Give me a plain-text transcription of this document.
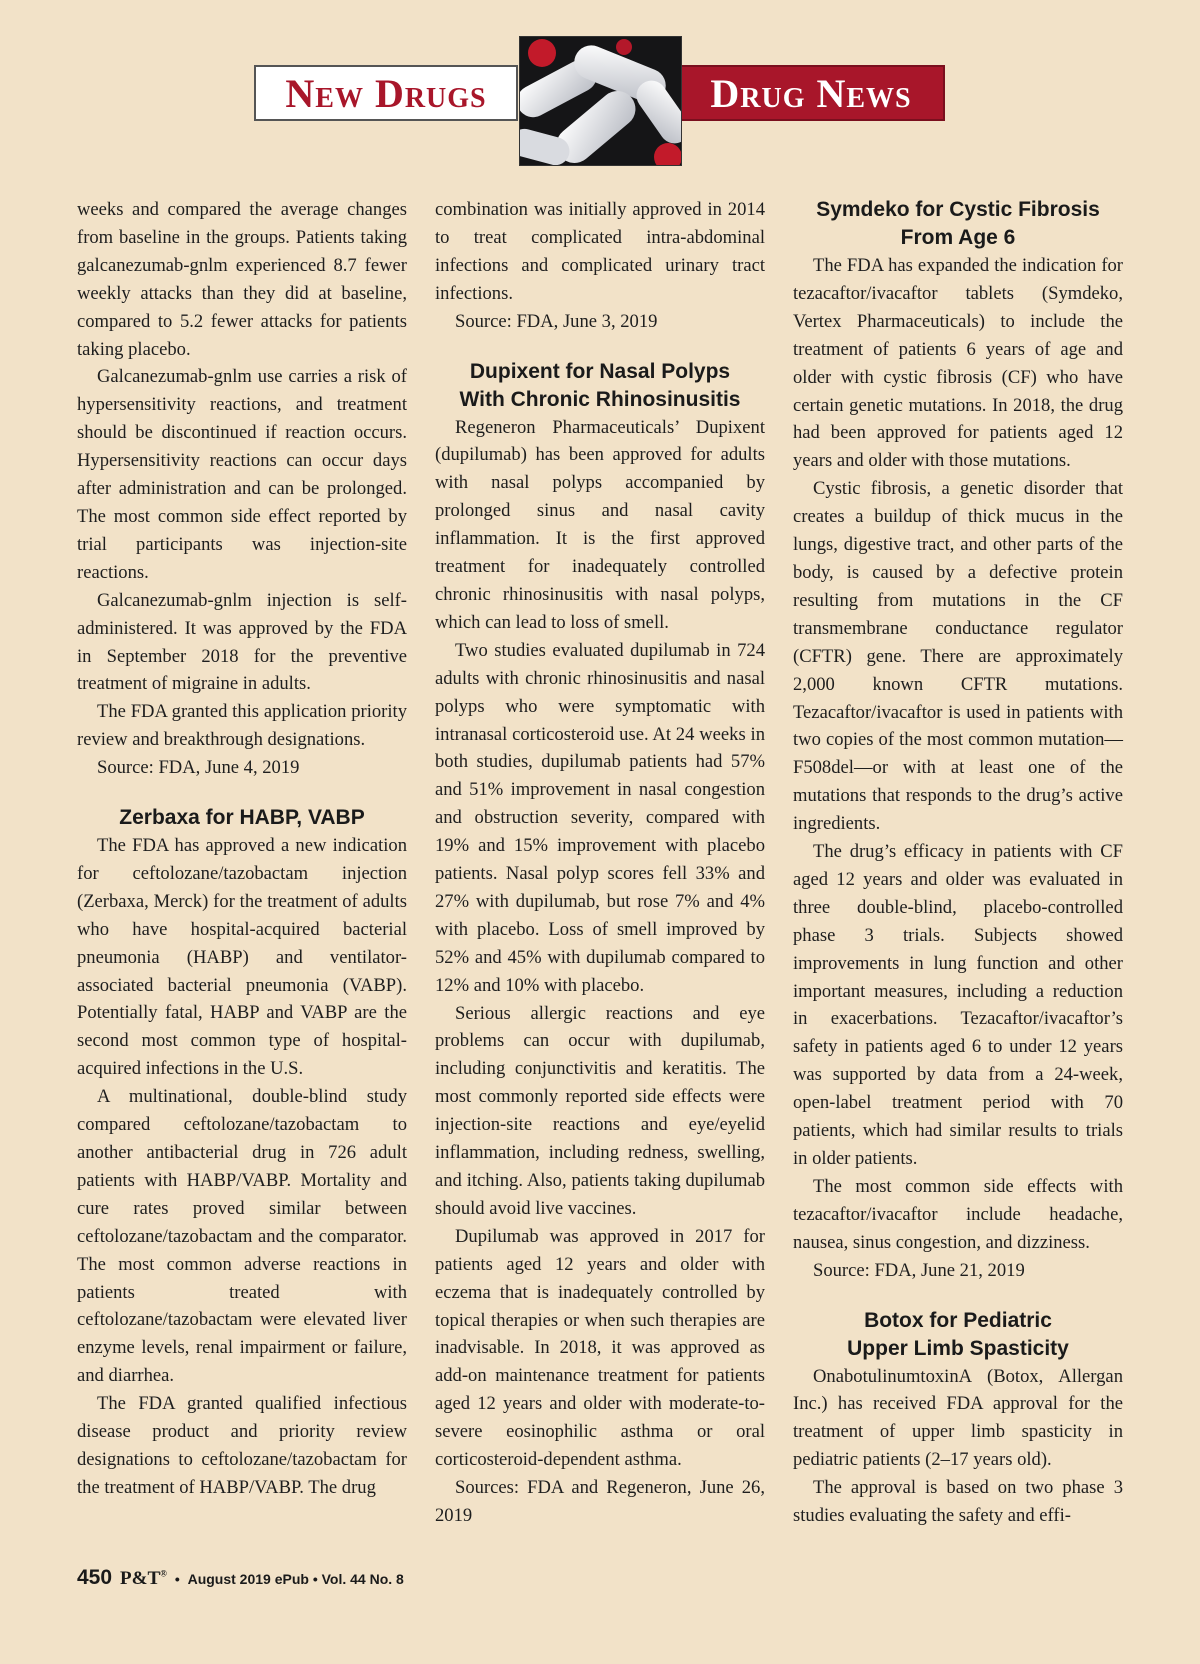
New Drugs	Drug News

weeks and compared the average changes from baseline in the groups. Patients taking galcanezumab-gnlm experienced 8.7 fewer weekly attacks than they did at baseline, compared to 5.2 fewer attacks for patients taking placebo.

Galcanezumab-gnlm use carries a risk of hypersensitivity reactions, and treatment should be discontinued if reaction occurs. Hypersensitivity reactions can occur days after administration and can be prolonged. The most common side effect reported by trial participants was injection-site reactions.

Galcanezumab-gnlm injection is self-administered. It was approved by the FDA in September 2018 for the preventive treatment of migraine in adults.

The FDA granted this application priority review and breakthrough designations.

Source: FDA, June 4, 2019

Zerbaxa for HABP, VABP

The FDA has approved a new indication for ceftolozane/tazobactam injection (Zerbaxa, Merck) for the treatment of adults who have hospital-acquired bacterial pneumonia (HABP) and ventilator-associated bacterial pneumonia (VABP). Potentially fatal, HABP and VABP are the second most common type of hospital-acquired infections in the U.S.

A multinational, double-blind study compared ceftolozane/tazobactam to another antibacterial drug in 726 adult patients with HABP/VABP. Mortality and cure rates proved similar between ceftolozane/tazobactam and the comparator. The most common adverse reactions in patients treated with ceftolozane/tazobactam were elevated liver enzyme levels, renal impairment or failure, and diarrhea.

The FDA granted qualified infectious disease product and priority review designations to ceftolozane/tazobactam for the treatment of HABP/VABP. The drug

combination was initially approved in 2014 to treat complicated intra-abdominal infections and complicated urinary tract infections.

Source: FDA, June 3, 2019

Dupixent for Nasal Polyps
With Chronic Rhinosinusitis

Regeneron Pharmaceuticals’ Dupixent (dupilumab) has been approved for adults with nasal polyps accompanied by prolonged sinus and nasal cavity inflammation. It is the first approved treatment for inadequately controlled chronic rhinosinusitis with nasal polyps, which can lead to loss of smell.

Two studies evaluated dupilumab in 724 adults with chronic rhinosinusitis and nasal polyps who were symptomatic with intranasal corticosteroid use. At 24 weeks in both studies, dupilumab patients had 57% and 51% improvement in nasal congestion and obstruction severity, compared with 19% and 15% improvement with placebo patients. Nasal polyp scores fell 33% and 27% with dupilumab, but rose 7% and 4% with placebo. Loss of smell improved by 52% and 45% with dupilumab compared to 12% and 10% with placebo.

Serious allergic reactions and eye problems can occur with dupilumab, including conjunctivitis and keratitis. The most commonly reported side effects were injection-site reactions and eye/eyelid inflammation, including redness, swelling, and itching. Also, patients taking dupilumab should avoid live vaccines.

Dupilumab was approved in 2017 for patients aged 12 years and older with eczema that is inadequately controlled by topical therapies or when such therapies are inadvisable. In 2018, it was approved as add-on maintenance treatment for patients aged 12 years and older with moderate-to-severe eosinophilic asthma or oral corticosteroid-dependent asthma.

Sources: FDA and Regeneron, June 26, 2019

Symdeko for Cystic Fibrosis
From Age 6

The FDA has expanded the indication for tezacaftor/ivacaftor tablets (Symdeko, Vertex Pharmaceuticals) to include the treatment of patients 6 years of age and older with cystic fibrosis (CF) who have certain genetic mutations. In 2018, the drug had been approved for patients aged 12 years and older with those mutations.

Cystic fibrosis, a genetic disorder that creates a buildup of thick mucus in the lungs, digestive tract, and other parts of the body, is caused by a defective protein resulting from mutations in the CF transmembrane conductance regulator (CFTR) gene. There are approximately 2,000 known CFTR mutations. Tezacaftor/ivacaftor is used in patients with two copies of the most common mutation—F508del—or with at least one of the mutations that responds to the drug’s active ingredients.

The drug’s efficacy in patients with CF aged 12 years and older was evaluated in three double-blind, placebo-controlled phase 3 trials. Subjects showed improvements in lung function and other important measures, including a reduction in exacerbations. Tezacaftor/ivacaftor’s safety in patients aged 6 to under 12 years was supported by data from a 24-week, open-label treatment period with 70 patients, which had similar results to trials in older patients.

The most common side effects with tezacaftor/ivacaftor include headache, nausea, sinus congestion, and dizziness.

Source: FDA, June 21, 2019

Botox for Pediatric
Upper Limb Spasticity

OnabotulinumtoxinA (Botox, Allergan Inc.) has received FDA approval for the treatment of upper limb spasticity in pediatric patients (2–17 years old).

The approval is based on two phase 3 studies evaluating the safety and effi-

450 P&T® •  August 2019 ePub • Vol. 44 No. 8
